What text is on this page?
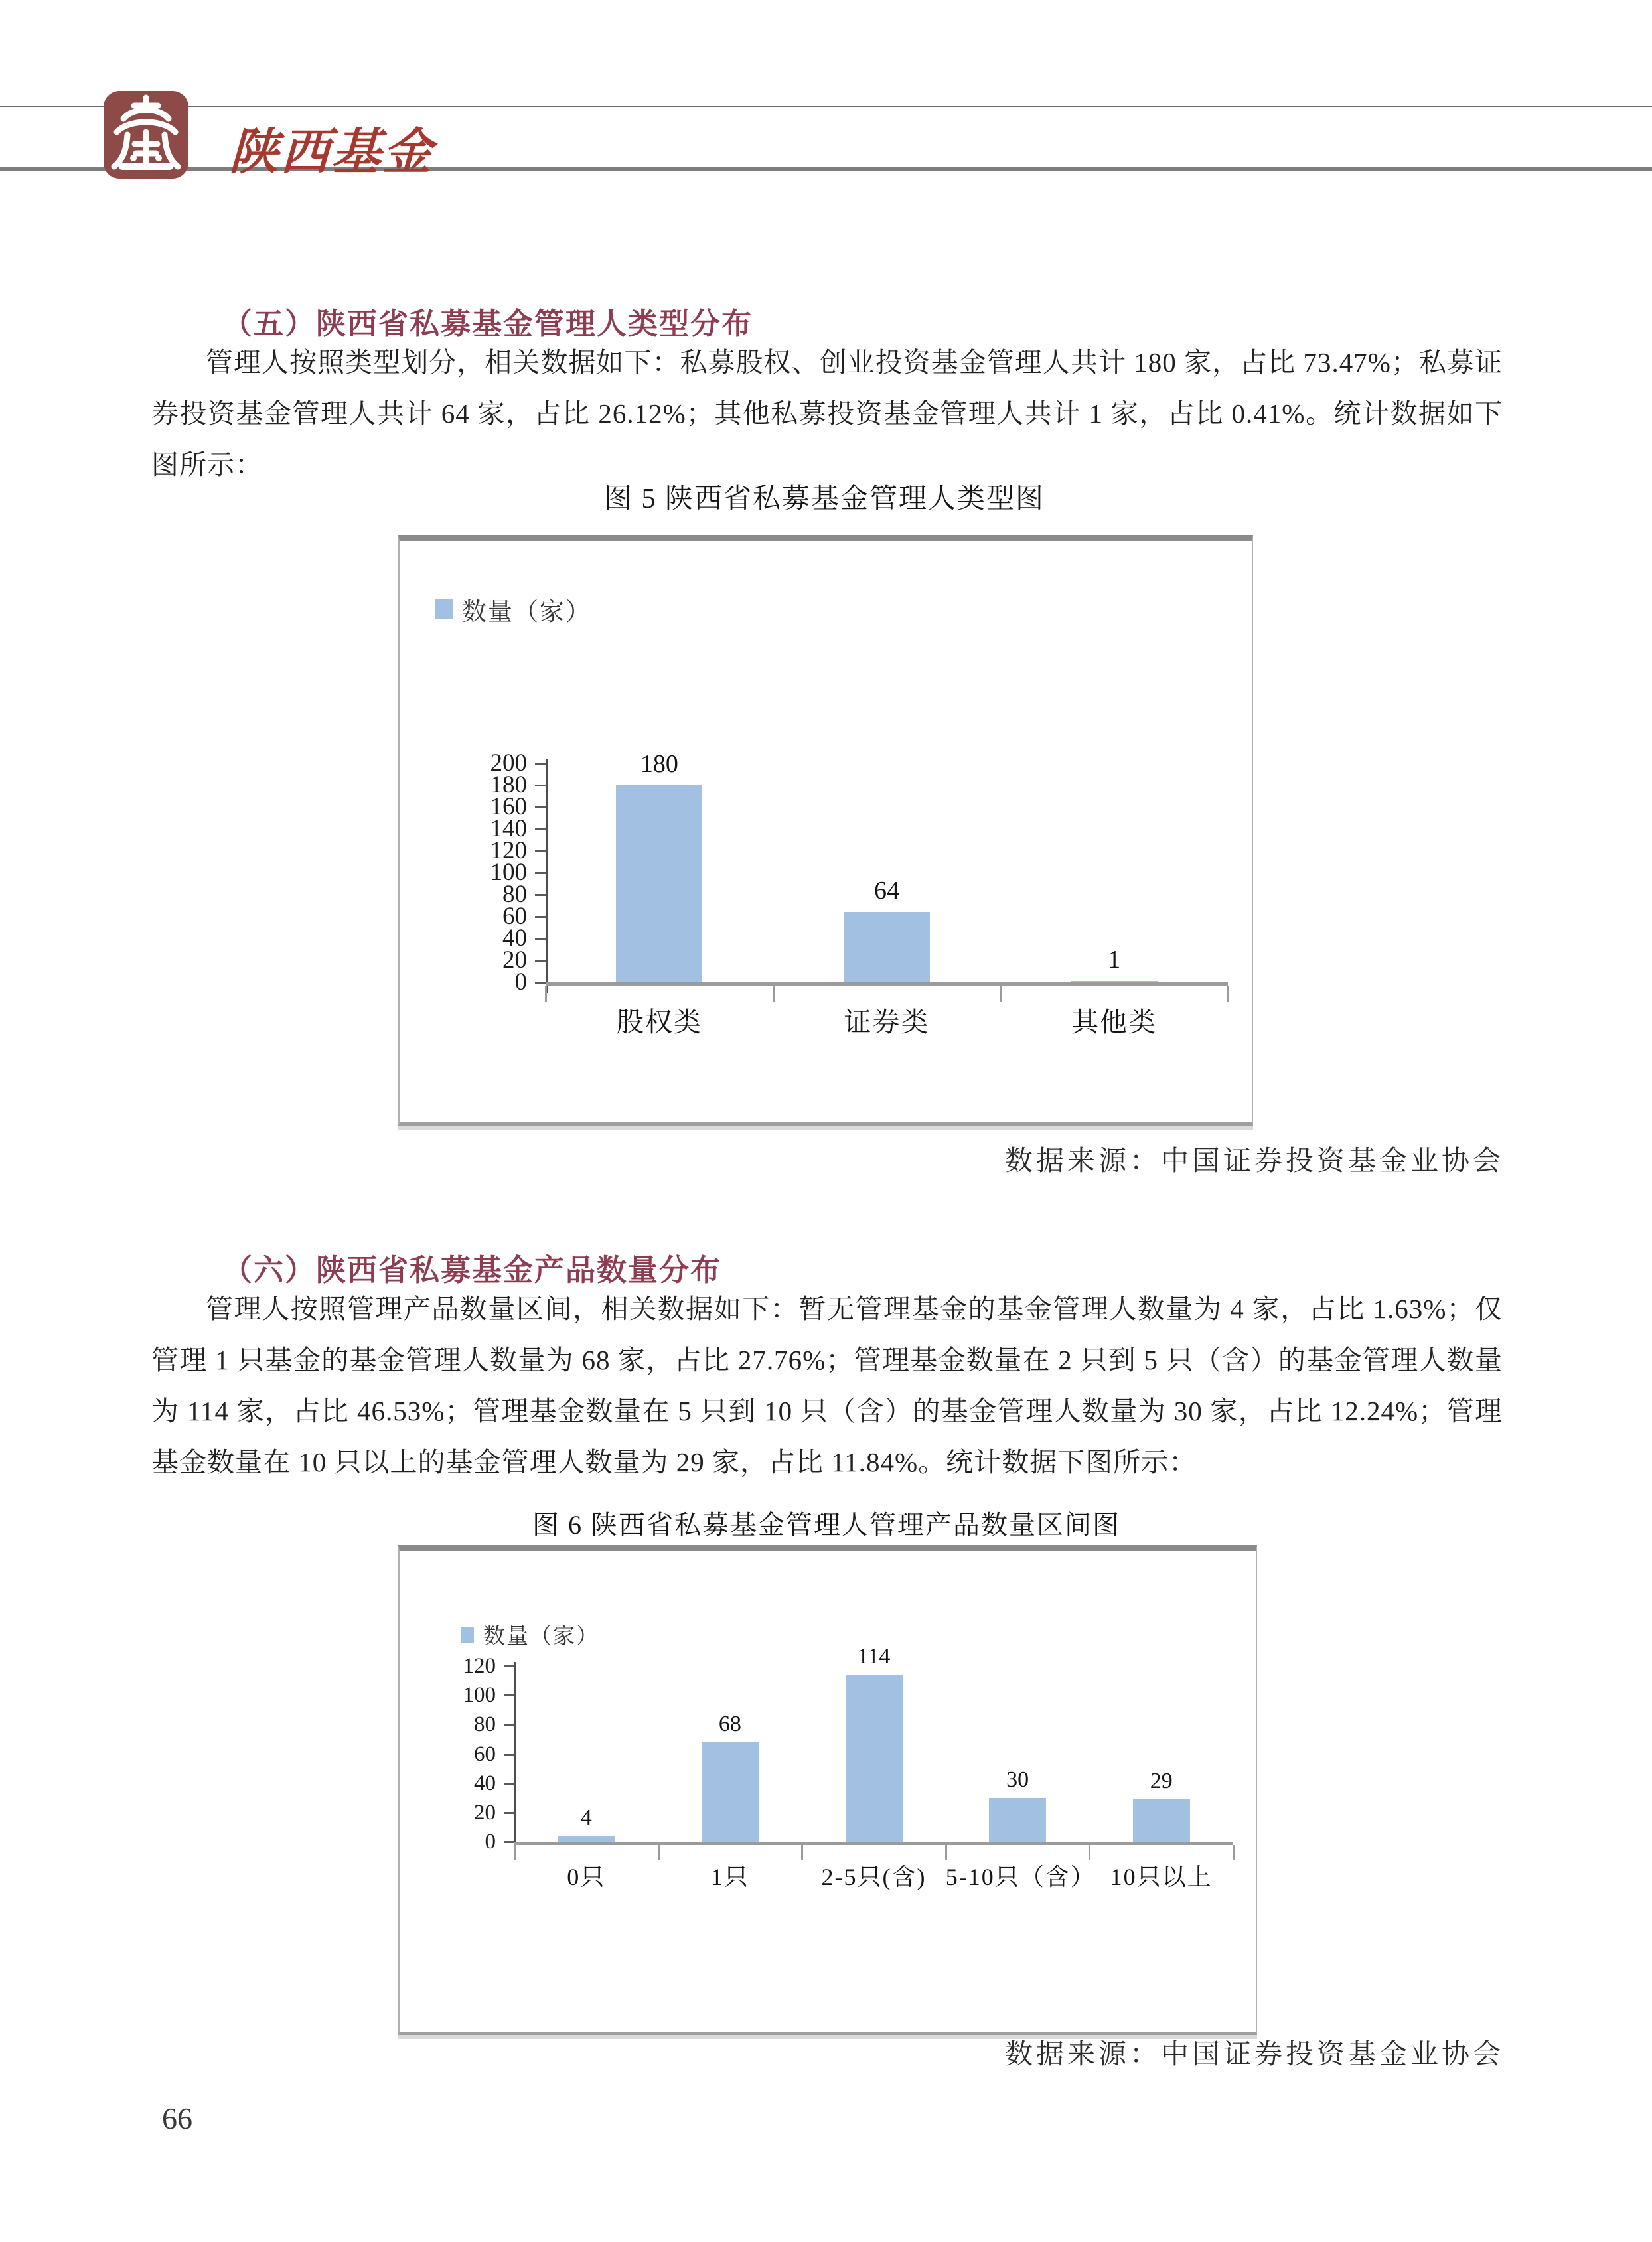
陕西基金
（五）陕西省私募基金管理人类型分布
管理人按照类型划分，相关数据如下：私募股权、创业投资基金管理人共计 180 家，占比 73.47%；私募证券投资基金管理人共计 64 家，占比 26.12%；其他私募投资基金管理人共计 1 家，占比 0.41%。统计数据如下图所示：
图 5 陕西省私募基金管理人类型图
数量（家）
0
20
40
60
80
100
120
140
160
180
200	180
股权类
64
证券类
1
其他类
数据来源：中国证券投资基金业协会
（六）陕西省私募基金产品数量分布
管理人按照管理产品数量区间，相关数据如下：暂无管理基金的基金管理人数量为 4 家，占比 1.63%；仅管理 1 只基金的基金管理人数量为 68 家，占比 27.76%；管理基金数量在 2 只到 5 只（含）的基金管理人数量为 114 家，占比 46.53%；管理基金数量在 5 只到 10 只（含）的基金管理人数量为 30 家，占比 12.24%；管理基金数量在 10 只以上的基金管理人数量为 29 家，占比 11.84%。统计数据下图所示：
图 6 陕西省私募基金管理人管理产品数量区间图
数量（家）
0
20
40
60
80
100
120
4
0只
68
1只
114
2-5只(含)
30
5-10只（含）
29
10只以上
数据来源：中国证券投资基金业协会
66
